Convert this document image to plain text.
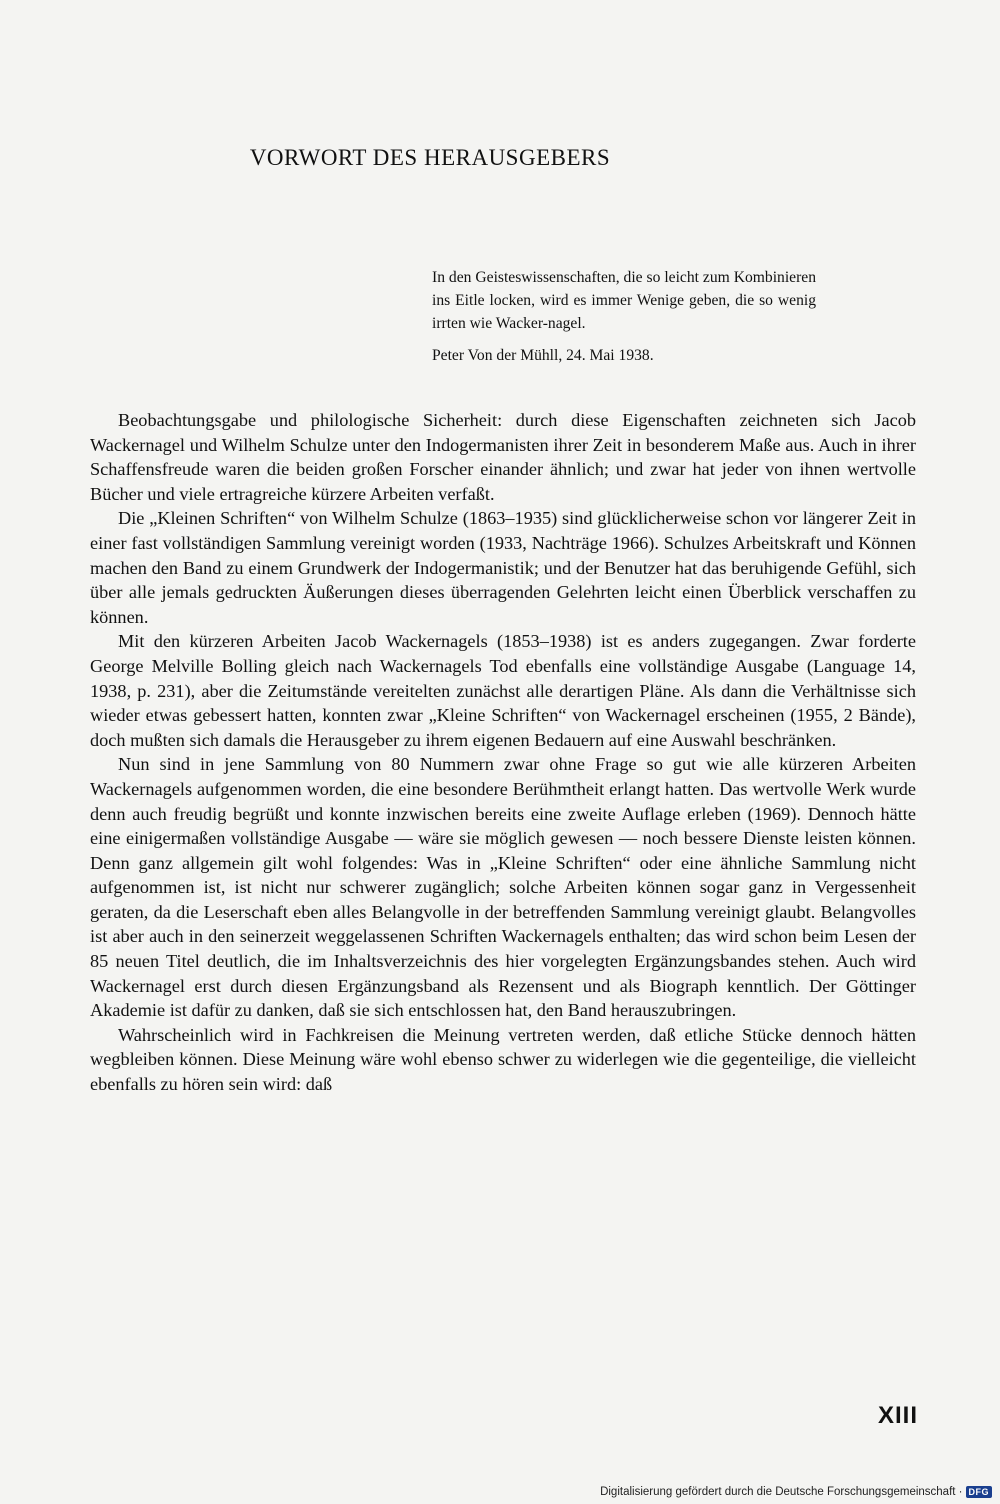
VORWORT DES HERAUSGEBERS

In den Geisteswissenschaften, die so leicht zum Kombinieren ins Eitle locken, wird es immer Wenige geben, die so wenig irrten wie Wacker-nagel.

Peter Von der Mühll, 24. Mai 1938.

Beobachtungsgabe und philologische Sicherheit: durch diese Eigenschaften zeichneten sich Jacob Wackernagel und Wilhelm Schulze unter den Indogermanisten ihrer Zeit in besonderem Maße aus. Auch in ihrer Schaffensfreude waren die beiden großen Forscher einander ähnlich; und zwar hat jeder von ihnen wertvolle Bücher und viele ertragreiche kürzere Arbeiten verfaßt.

Die „Kleinen Schriften“ von Wilhelm Schulze (1863–1935) sind glücklicherweise schon vor längerer Zeit in einer fast vollständigen Sammlung vereinigt worden (1933, Nachträge 1966). Schulzes Arbeitskraft und Können machen den Band zu einem Grundwerk der Indogermanistik; und der Benutzer hat das beruhigende Gefühl, sich über alle jemals gedruckten Äußerungen dieses überragenden Gelehrten leicht einen Überblick verschaffen zu können.

Mit den kürzeren Arbeiten Jacob Wackernagels (1853–1938) ist es anders zugegangen. Zwar forderte George Melville Bolling gleich nach Wackernagels Tod ebenfalls eine vollständige Ausgabe (Language 14, 1938, p. 231), aber die Zeitumstände vereitelten zunächst alle derartigen Pläne. Als dann die Verhältnisse sich wieder etwas gebessert hatten, konnten zwar „Kleine Schriften“ von Wackernagel erscheinen (1955, 2 Bände), doch mußten sich damals die Herausgeber zu ihrem eigenen Bedauern auf eine Auswahl beschränken.

Nun sind in jene Sammlung von 80 Nummern zwar ohne Frage so gut wie alle kürzeren Arbeiten Wackernagels aufgenommen worden, die eine besondere Berühmtheit erlangt hatten. Das wertvolle Werk wurde denn auch freudig begrüßt und konnte inzwischen bereits eine zweite Auflage erleben (1969). Dennoch hätte eine einigermaßen vollständige Ausgabe — wäre sie möglich gewesen — noch bessere Dienste leisten können. Denn ganz allgemein gilt wohl folgendes: Was in „Kleine Schriften“ oder eine ähnliche Sammlung nicht aufgenommen ist, ist nicht nur schwerer zugänglich; solche Arbeiten können sogar ganz in Vergessenheit geraten, da die Leserschaft eben alles Belangvolle in der betreffenden Sammlung vereinigt glaubt. Belangvolles ist aber auch in den seinerzeit weggelassenen Schriften Wackernagels enthalten; das wird schon beim Lesen der 85 neuen Titel deutlich, die im Inhaltsverzeichnis des hier vorgelegten Ergänzungsbandes stehen. Auch wird Wackernagel erst durch diesen Ergänzungsband als Rezensent und als Biograph kenntlich. Der Göttinger Akademie ist dafür zu danken, daß sie sich entschlossen hat, den Band herauszubringen.

Wahrscheinlich wird in Fachkreisen die Meinung vertreten werden, daß etliche Stücke dennoch hätten wegbleiben können. Diese Meinung wäre wohl ebenso schwer zu widerlegen wie die gegenteilige, die vielleicht ebenfalls zu hören sein wird: daß

XIII
Digitalisierung gefördert durch die Deutsche Forschungsgemeinschaft · DFG
